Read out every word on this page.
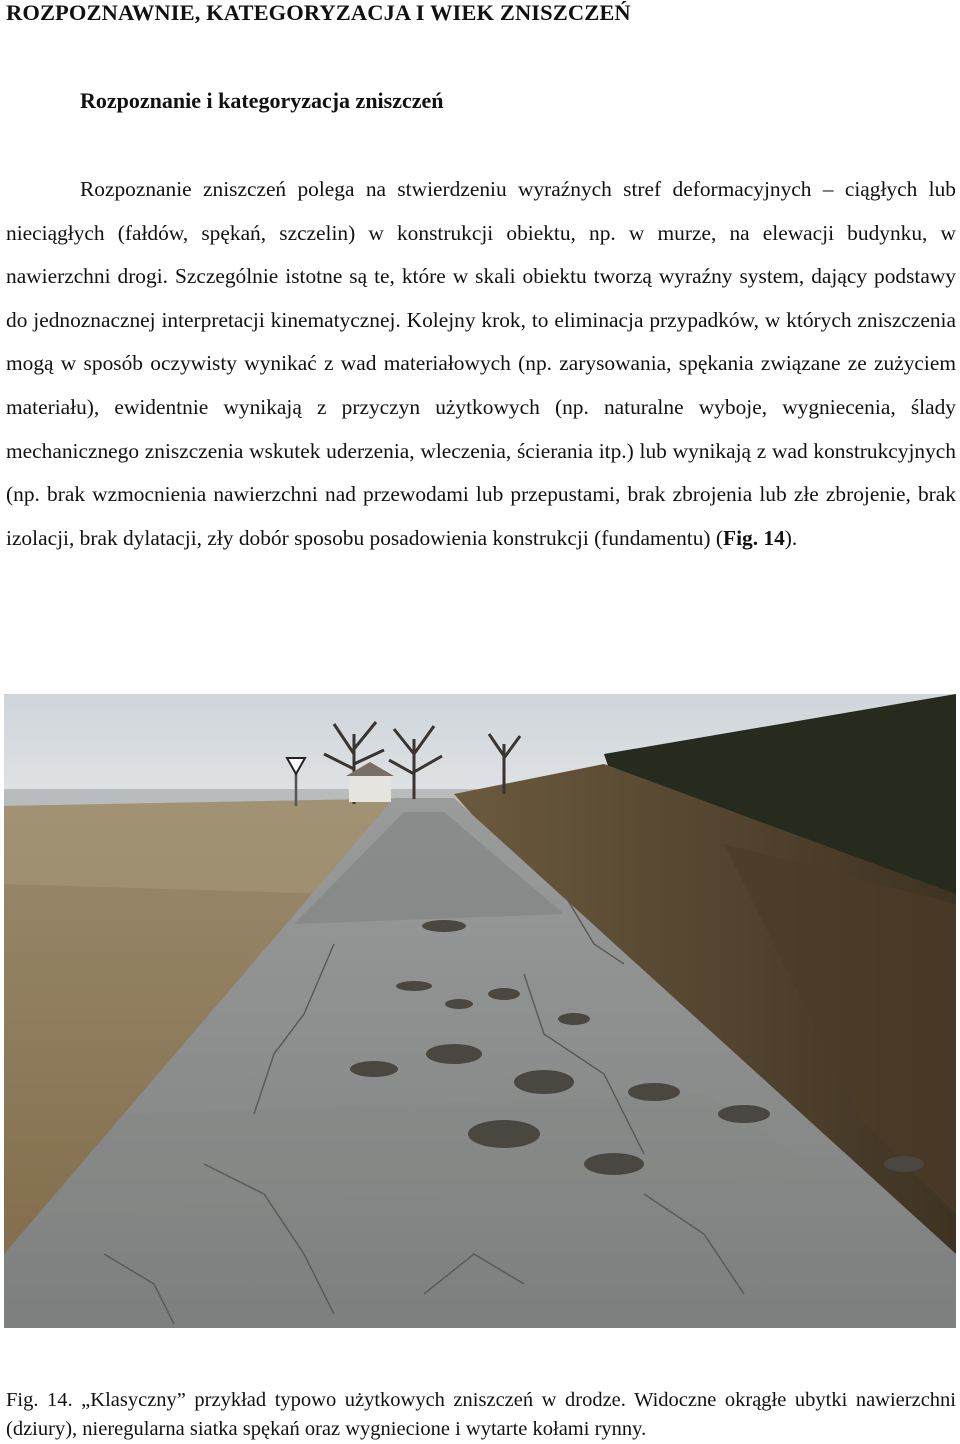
ROZPOZNAWNIE, KATEGORYZACJA I WIEK ZNISZCZEŃ
Rozpoznanie i kategoryzacja zniszczeń

Rozpoznanie zniszczeń polega na stwierdzeniu wyraźnych stref deformacyjnych – ciągłych lub nieciągłych (fałdów, spękań, szczelin) w konstrukcji obiektu, np. w murze, na elewacji budynku, w nawierzchni drogi. Szczególnie istotne są te, które w skali obiektu tworzą wyraźny system, dający podstawy do jednoznacznej interpretacji kinematycznej. Kolejny krok, to eliminacja przypadków, w których zniszczenia mogą w sposób oczywisty wynikać z wad materiałowych (np. zarysowania, spękania związane ze zużyciem materiału), ewidentnie wynikają z przyczyn użytkowych (np. naturalne wyboje, wygniecenia, ślady mechanicznego zniszczenia wskutek uderzenia, wleczenia, ścierania itp.) lub wynikają z wad konstrukcyjnych (np. brak wzmocnienia nawierzchni nad przewodami lub przepustami, brak zbrojenia lub złe zbrojenie, brak izolacji, brak dylatacji, zły dobór sposobu posadowienia konstrukcji (fundamentu) (Fig. 14).

Fig. 14. „Klasyczny” przykład typowo użytkowych zniszczeń w drodze. Widoczne okrągłe ubytki nawierzchni (dziury), nieregularna siatka spękań oraz wygniecione i wytarte kołami rynny.
